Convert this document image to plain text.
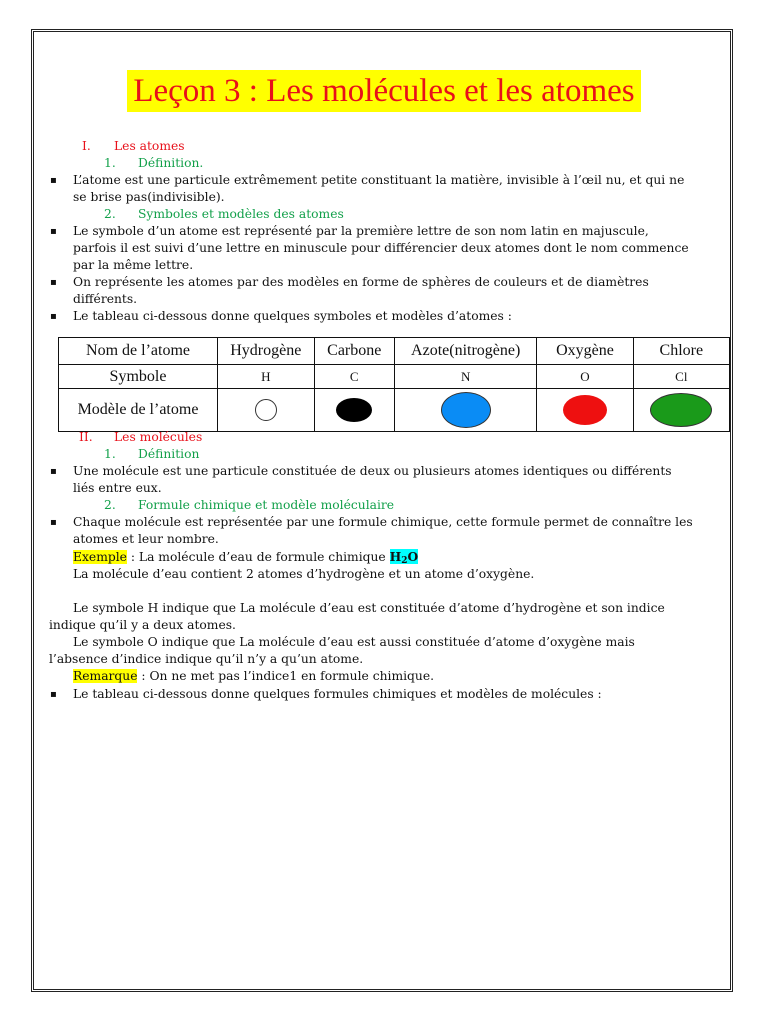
Leçon 3 : Les molécules et les atomes
I. Les atomes
1. Définition.
▪ L’atome est une particule extrêmement petite constituant la matière, invisible à l’œil nu, et qui ne
se brise pas(indivisible).
2. Symboles et modèles des atomes
▪ Le symbole d’un atome est représenté par la première lettre de son nom latin en majuscule,
parfois il est suivi d’une lettre en minuscule pour différencier deux atomes dont le nom commence
par la même lettre.
▪ On représente les atomes par des modèles en forme de sphères de couleurs et de diamètres
différents.
▪ Le tableau ci-dessous donne quelques symboles et modèles d’atomes :
Nom de l’atome	Hydrogène	Carbone	Azote(nitrogène)	Oxygène	Chlore
Symbole	H	C	N	O	Cl
Modèle de l’atome					
II. Les molécules
1. Définition
▪ Une molécule est une particule constituée de deux ou plusieurs atomes identiques ou différents
liés entre eux.
2. Formule chimique et modèle moléculaire
▪ Chaque molécule est représentée par une formule chimique, cette formule permet de connaître les
atomes et leur nombre.
Exemple : La molécule d’eau de formule chimique $H_2O$
La molécule d’eau contient 2 atomes d’hydrogène et un atome d’oxygène.
Le symbole H indique que La molécule d’eau est constituée d’atome d’hydrogène et son indice
indique qu’il y a deux atomes.
Le symbole O indique que La molécule d’eau est aussi constituée d’atome d’oxygène mais
l’absence d’indice indique qu’il n’y a qu’un atome.
Remarque : On ne met pas l’indice1 en formule chimique.
▪ Le tableau ci-dessous donne quelques formules chimiques et modèles de molécules :
